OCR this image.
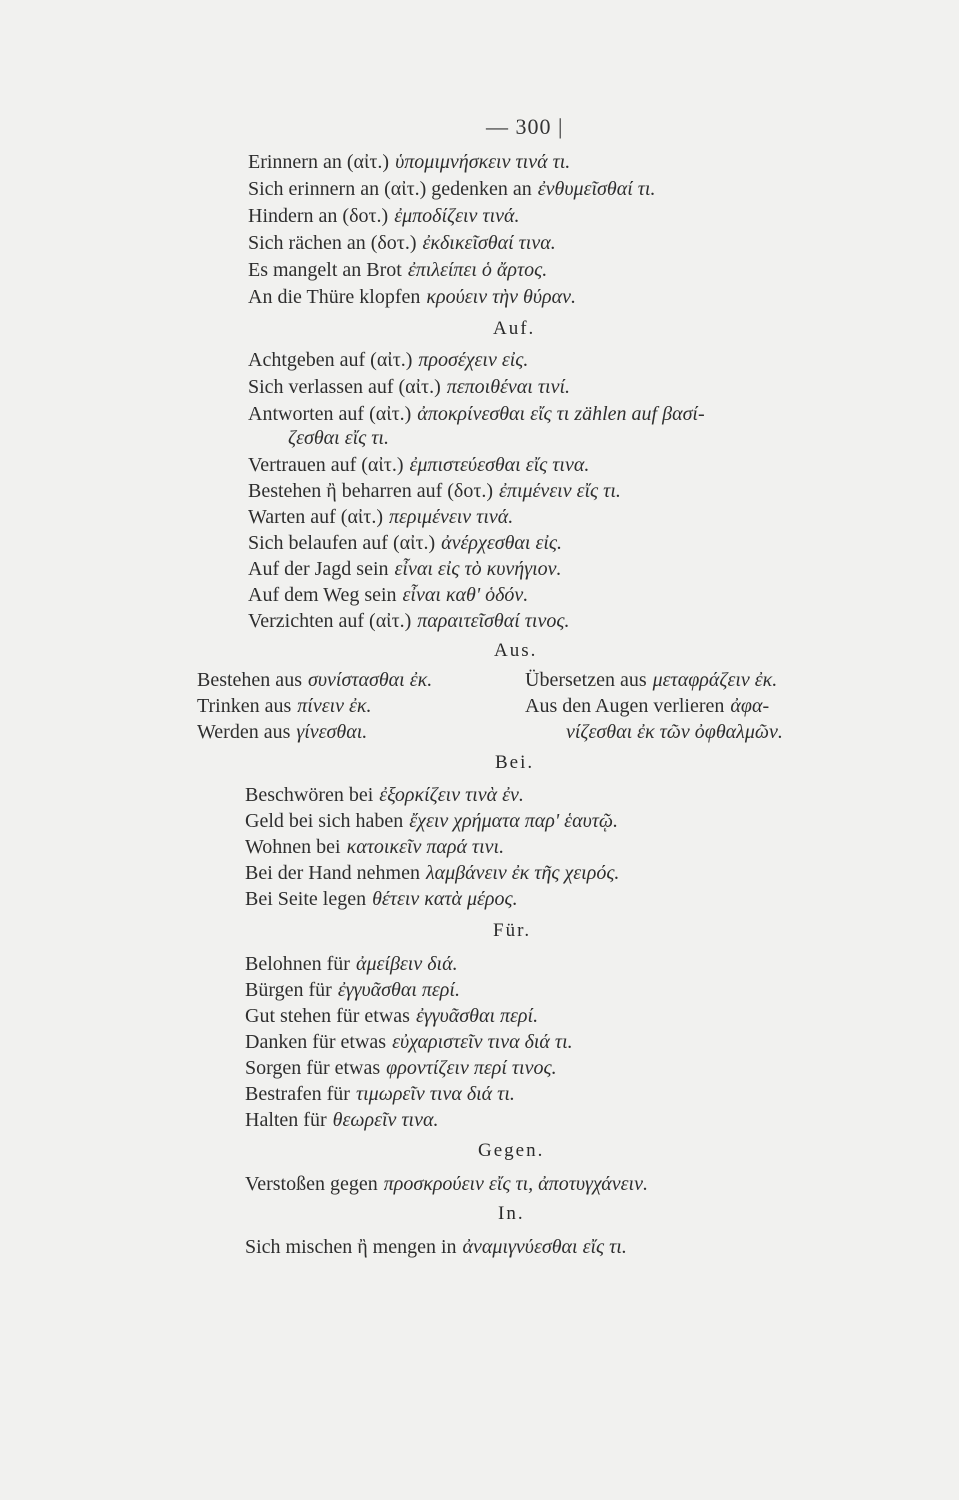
— 300 |
Erinnern an (αἰτ.) ὑπομιμνήσκειν τινά τι.
Sich erinnern an (αἰτ.) gedenken an ἐνθυμεῖσθαί τι.
Hindern an (δοτ.) ἐμποδίζειν τινά.
Sich rächen an (δοτ.) ἐκδικεῖσθαί τινα.
Es mangelt an Brot ἐπιλείπει ὁ ἄρτος.
An die Thüre klopfen κρούειν τὴν θύραν.
Auf.
Achtgeben auf (αἰτ.) προσέχειν εἰς.
Sich verlassen auf (αἰτ.) πεποιθέναι τινί.
Antworten auf (αἰτ.) ἀποκρίνεσθαι εἴς τι zählen auf βασί-
ζεσθαι εἴς τι.
Vertrauen auf (αἰτ.) ἐμπιστεύεσθαι εἴς τινα.
Bestehen ἢ beharren auf (δοτ.) ἐπιμένειν εἴς τι.
Warten auf (αἰτ.) περιμένειν τινά.
Sich belaufen auf (αἰτ.) ἀνέρχεσθαι εἰς.
Auf der Jagd sein εἶναι εἰς τὸ κυνήγιον.
Auf dem Weg sein εἶναι καθ' ὁδόν.
Verzichten auf (αἰτ.) παραιτεῖσθαί τινος.
Aus.
Bestehen aus συνίστασθαι ἐκ.
Trinken aus πίνειν ἐκ.
Werden aus γίνεσθαι.
Übersetzen aus μεταφράζειν ἐκ.
Aus den Augen verlieren ἀφα-
νίζεσθαι ἐκ τῶν ὀφθαλμῶν.
Bei.
Beschwören bei ἐξορκίζειν τινὰ ἐν.
Geld bei sich haben ἔχειν χρήματα παρ' ἑαυτῷ.
Wohnen bei κατοικεῖν παρά τινι.
Bei der Hand nehmen λαμβάνειν ἐκ τῆς χειρός.
Bei Seite legen θέτειν κατὰ μέρος.
Für.
Belohnen für ἀμείβειν διά.
Bürgen für ἐγγυᾶσθαι περί.
Gut stehen für etwas ἐγγυᾶσθαι περί.
Danken für etwas εὐχαριστεῖν τινα διά τι.
Sorgen für etwas φροντίζειν περί τινος.
Bestrafen für τιμωρεῖν τινα διά τι.
Halten für θεωρεῖν τινα.
Gegen.
Verstoßen gegen προσκρούειν εἴς τι, ἀποτυγχάνειν.
In.
Sich mischen ἢ mengen in ἀναμιγνύεσθαι εἴς τι.
